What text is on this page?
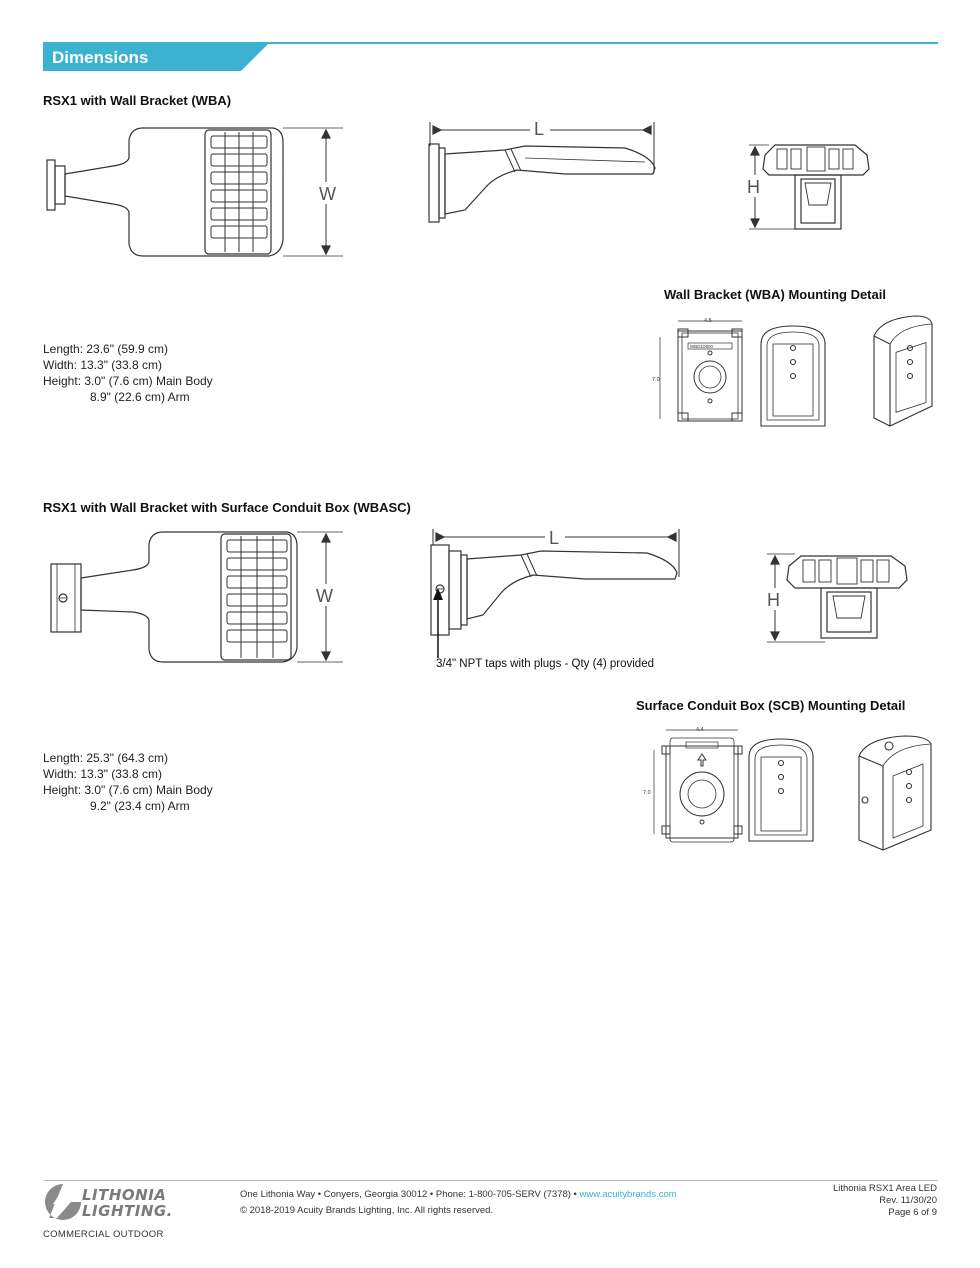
Dimensions
RSX1 with Wall Bracket (WBA)
W
L
H
Wall Bracket (WBA) Mounting Detail
4.5
7.0
WBD10800
Length: 23.6" (59.9 cm)
Width: 13.3" (33.8 cm)
Height: 3.0" (7.6 cm) Main Body
8.9" (22.6 cm) Arm
RSX1 with Wall Bracket with Surface Conduit Box (WBASC)
W
L
3/4" NPT taps with plugs - Qty (4) provided
H
Surface Conduit Box (SCB) Mounting Detail
4.4
7.0
Length: 25.3" (64.3 cm)
Width: 13.3" (33.8 cm)
Height: 3.0" (7.6 cm) Main Body
9.2" (23.4 cm) Arm
LITHONIA
LIGHTING.
COMMERCIAL OUTDOOR
One Lithonia Way • Conyers, Georgia 30012 • Phone: 1-800-705-SERV (7378) • www.acuitybrands.com
© 2018-2019 Acuity Brands Lighting, Inc. All rights reserved.
Lithonia RSX1 Area LED
Rev. 11/30/20
Page 6 of 9
